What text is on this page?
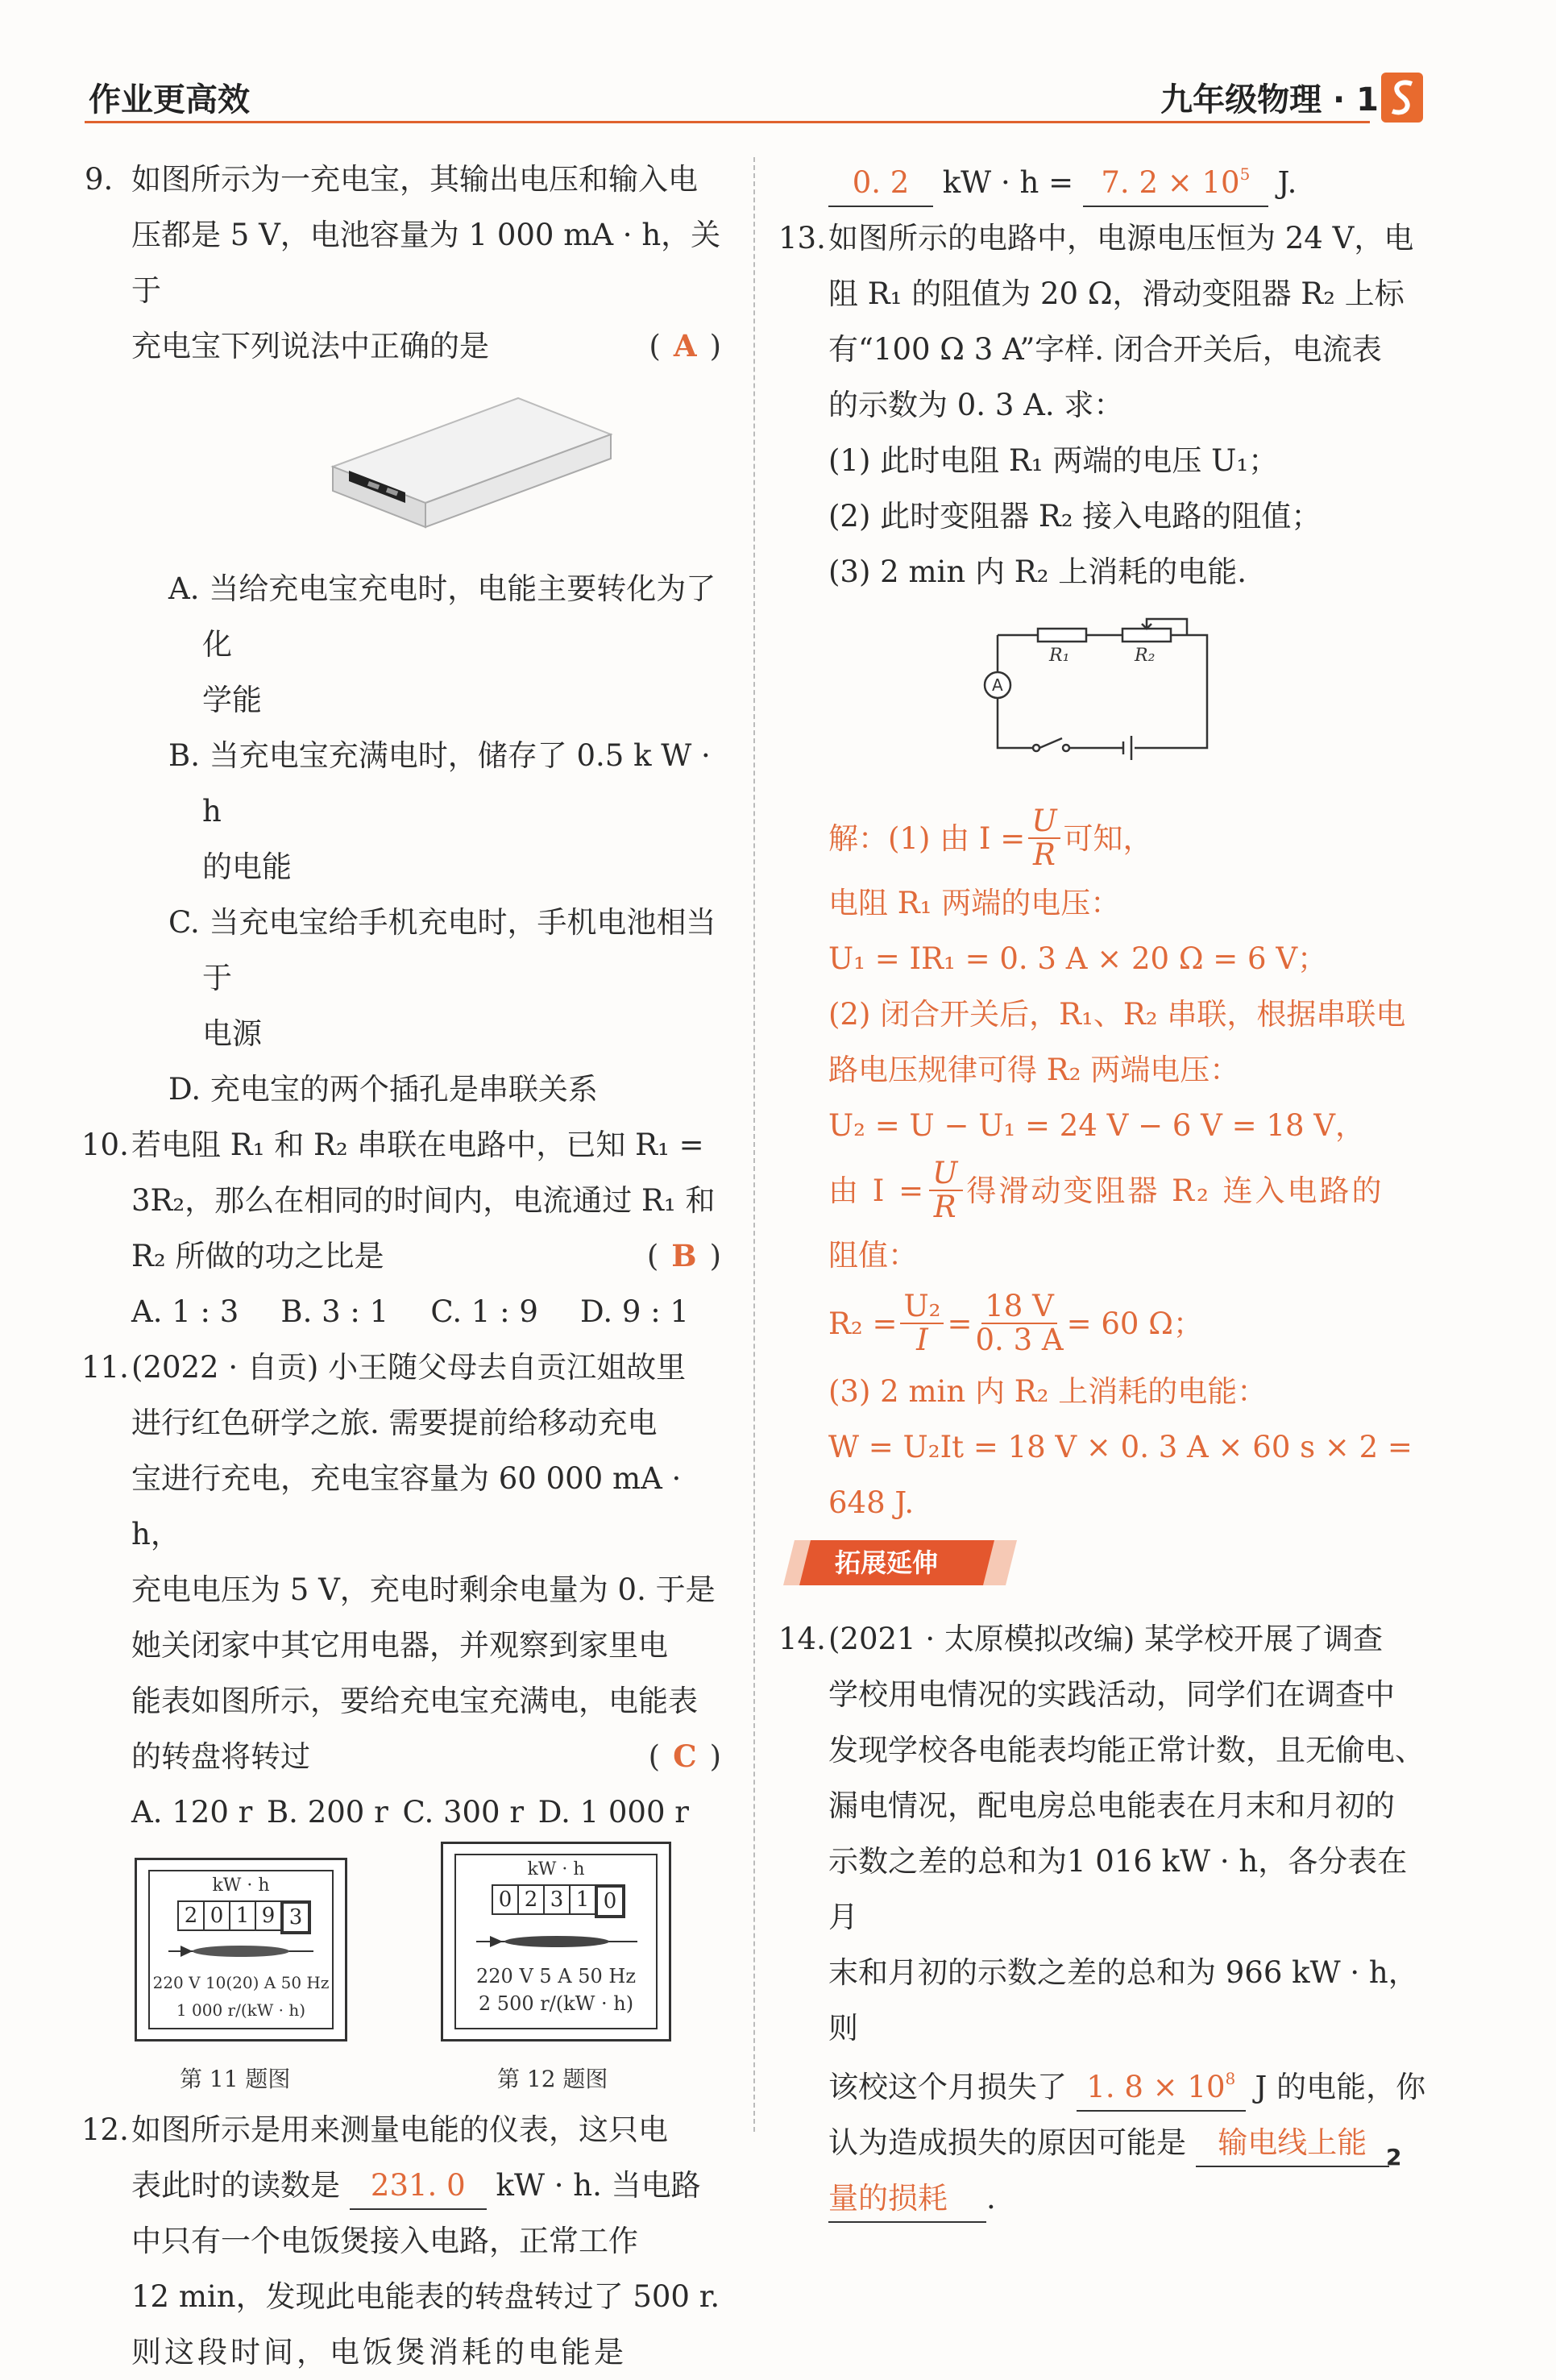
作业更高效	九年级物理 · 1
9. 如图所示为一充电宝，其输出电压和输入电
压都是 5 V，电池容量为 1 000 mA · h，关于
充电宝下列说法中正确的是	( A )
A. 当给充电宝充电时，电能主要转化为了化
学能
B. 当充电宝充满电时，储存了 0.5 k W · h
的电能
C. 当充电宝给手机充电时，手机电池相当于
电源
D. 充电宝的两个插孔是串联关系
10. 若电阻 R₁ 和 R₂ 串联在电路中，已知 R₁ =
3R₂，那么在相同的时间内，电流通过 R₁ 和
R₂ 所做的功之比是	( B )
A. 1 : 3 B. 3 : 1 C. 1 : 9 D. 9 : 1
11. (2022 · 自贡) 小王随父母去自贡江姐故里
进行红色研学之旅. 需要提前给移动充电
宝进行充电，充电宝容量为 60 000 mA · h，
充电电压为 5 V，充电时剩余电量为 0. 于是
她关闭家中其它用电器，并观察到家里电
能表如图所示，要给充电宝充满电，电能表
的转盘将转过	( C )
A. 120 r B. 200 r C. 300 r D. 1 000 r
kW · h
2 0 1 9 3
220 V 10(20) A 50 Hz
1 000 r/(kW · h)
第 11 题图
kW · h
0 2 3 1 0
220 V 5 A 50 Hz
2 500 r/(kW · h)
第 12 题图
12. 如图所示是用来测量电能的仪表，这只电
表此时的读数是 231. 0 kW · h. 当电路
中只有一个电饭煲接入电路，正常工作
12 min，发现此电能表的转盘转过了 500 r.
则这段时间，电饭煲消耗的电能是
0. 2 kW · h = 7. $2 \times 10^5$ J.
13. 如图所示的电路中，电源电压恒为 24 V，电
阻 R₁ 的阻值为 20 Ω，滑动变阻器 R₂ 上标
有“100 Ω 3 A”字样. 闭合开关后，电流表
的示数为 0. 3 A. 求：
(1) 此时电阻 R₁ 两端的电压 U₁；
(2) 此时变阻器 R₂ 接入电路的阻值；
(3) 2 min 内 R₂ 上消耗的电能.
R₁	R₂
A
解：(1) 由 $I = \frac{U}{R}$ 可知，
电阻 R₁ 两端的电压：
U₁ = IR₁ = 0. 3 A × 20 Ω = 6 V；
(2) 闭合开关后，R₁、R₂ 串联，根据串联电
路电压规律可得 R₂ 两端电压：
U₂ = U − U₁ = 24 V − 6 V = 18 V，
由 $I = \frac{U}{R}$ 得滑动变阻器 R₂ 连入电路的
阻值：
$R_2 = \frac{\text{U₂}}{I} = \frac{18 V}{0. 3 A} = 60$ Ω；
(3) 2 min 内 R₂ 上消耗的电能：
W = U₂It = 18 V × 0. 3 A × 60 s × 2 = 648 J.
拓展延伸
14. (2021 · 太原模拟改编) 某学校开展了调查
学校用电情况的实践活动，同学们在调查中
发现学校各电能表均能正常计数，且无偷电、
漏电情况，配电房总电能表在月末和月初的
示数之差的总和为1 016 kW · h，各分表在月
末和月初的示数之差的总和为 966 kW · h，则
该校这个月损失了 1. $8 \times 10^8$ J 的电能，你
认为造成损失的原因可能是 输电线上能
量的损耗 .
2
